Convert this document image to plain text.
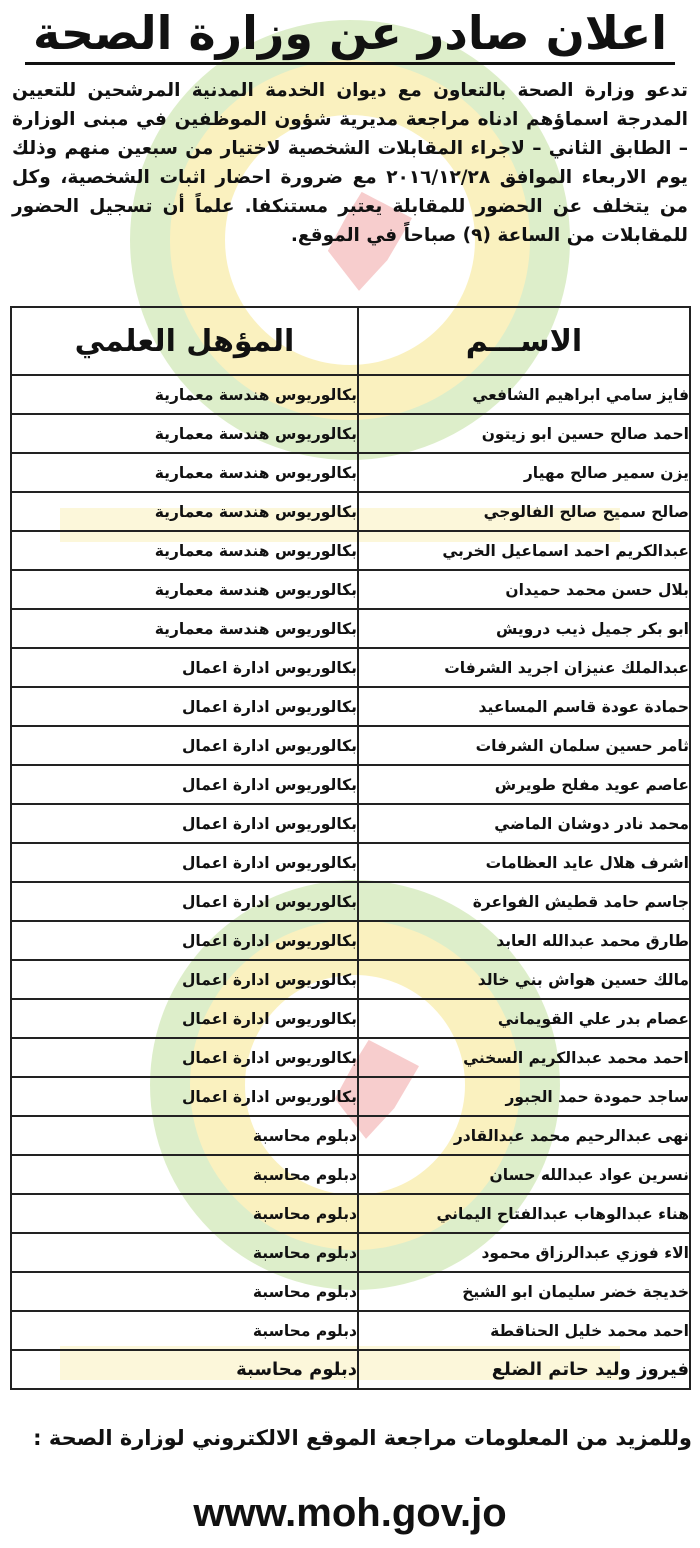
اعلان صادر عن وزارة الصحة
تدعو وزارة الصحة بالتعاون مع ديوان الخدمة المدنية المرشحين للتعيين المدرجة اسماؤهم ادناه مراجعة مديرية شؤون الموظفين في مبنى الوزارة – الطابق الثاني – لاجراء المقابلات الشخصية لاختيار من سبعين منهم وذلك يوم الاربعاء الموافق ٢٠١٦/١٢/٢٨ مع ضرورة احضار اثبات الشخصية، وكل من يتخلف عن الحضور للمقابلة يعتبر مستنكفا. علماً أن تسجيل الحضور للمقابلات من الساعة (٩) صباحاً في الموقع.
الاســـم	المؤهل العلمي
فايز سامي ابراهيم الشافعي	بكالوريوس هندسة معمارية
احمد صالح حسين ابو زيتون	بكالوريوس هندسة معمارية
يزن سمير صالح مهيار	بكالوريوس هندسة معمارية
صالح سميح صالح الفالوجي	بكالوريوس هندسة معمارية
عبدالكريم احمد اسماعيل الخربي	بكالوريوس هندسة معمارية
بلال حسن محمد حميدان	بكالوريوس هندسة معمارية
ابو بكر جميل ذيب درويش	بكالوريوس هندسة معمارية
عبدالملك عنيزان اجريد الشرفات	بكالوريوس ادارة اعمال
حمادة عودة قاسم المساعيد	بكالوريوس ادارة اعمال
ثامر حسين سلمان الشرفات	بكالوريوس ادارة اعمال
عاصم عويد مفلح طويرش	بكالوريوس ادارة اعمال
محمد نادر دوشان الماضي	بكالوريوس ادارة اعمال
اشرف هلال عايد العظامات	بكالوريوس ادارة اعمال
جاسم حامد قطيش الفواعرة	بكالوريوس ادارة اعمال
طارق محمد عبدالله العابد	بكالوريوس ادارة اعمال
مالك حسين هواش بني خالد	بكالوريوس ادارة اعمال
عصام بدر علي القويماني	بكالوريوس ادارة اعمال
احمد محمد عبدالكريم السخني	بكالوريوس ادارة اعمال
ساجد حمودة حمد الجبور	بكالوريوس ادارة اعمال
نهى عبدالرحيم محمد عبدالقادر	دبلوم محاسبة
نسرين عواد عبدالله حسان	دبلوم محاسبة
هناء عبدالوهاب عبدالفتاح اليماني	دبلوم محاسبة
الاء فوزي عبدالرزاق محمود	دبلوم محاسبة
خديجة خضر سليمان ابو الشيخ	دبلوم محاسبة
احمد محمد خليل الحناقطة	دبلوم محاسبة
فيروز وليد حاتم الضلع	دبلوم محاسبة
وللمزيد من المعلومات مراجعة الموقع الالكتروني لوزارة الصحة :
www.moh.gov.jo
